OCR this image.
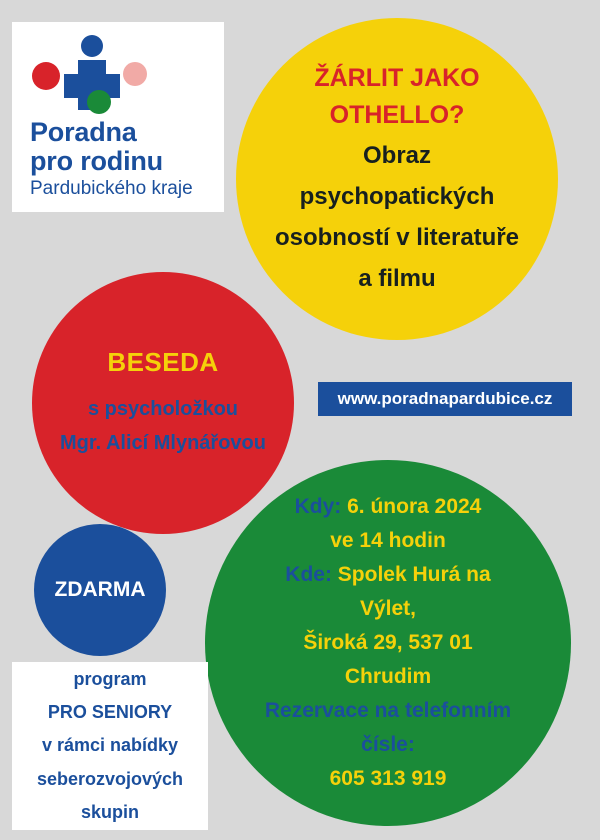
Poradna
pro rodinu
Pardubického kraje
ŽÁRLIT JAKO
OTHELLO?
Obraz
psychopatických
osobností v literatuře
a filmu
BESEDA
s psycholožkou
Mgr. Alicí Mlynářovou
ZDARMA
www.poradnapardubice.cz
Kdy: 6. února 2024
ve 14 hodin
Kde: Spolek Hurá na
Výlet,
Široká 29, 537 01
Chrudim
Rezervace na telefonním
čísle:
605 313 919
program
PRO SENIORY
v rámci nabídky
seberozvojových
skupin
